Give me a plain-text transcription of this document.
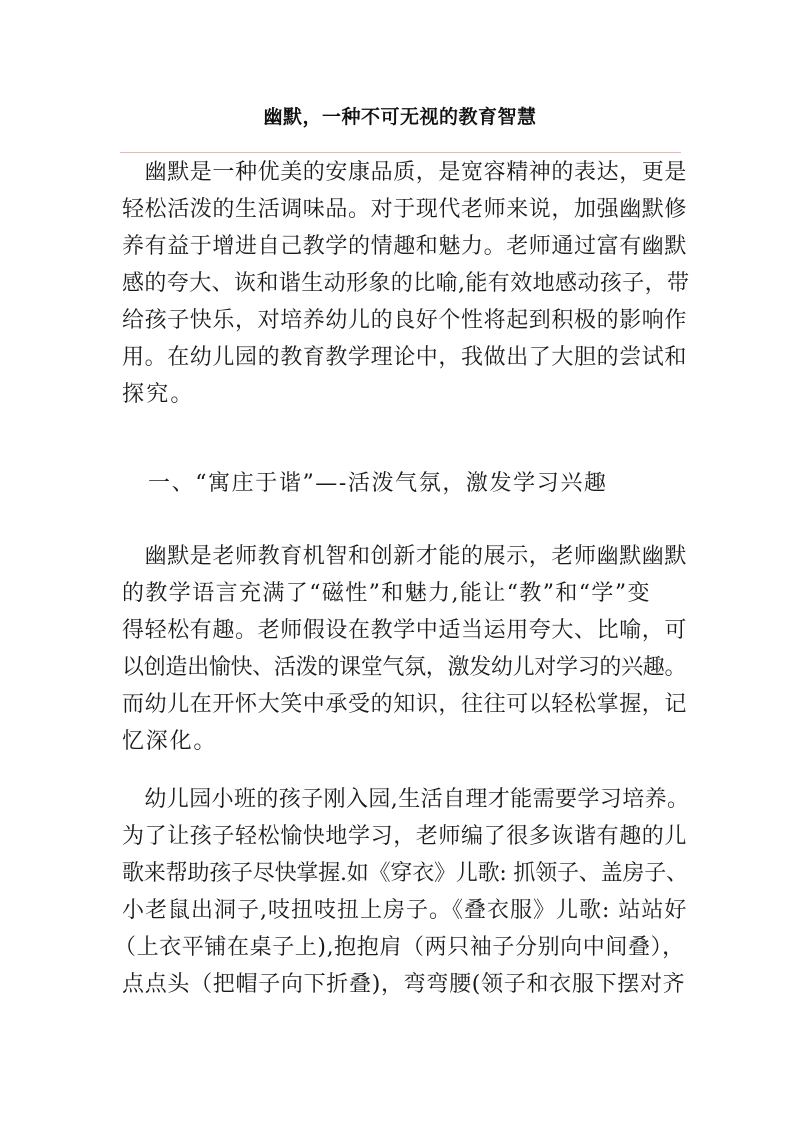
幽默，一种不可无视的教育智慧
　幽默是一种优美的安康品质，是宽容精神的表达，更是
轻松活泼的生活调味品。对于现代老师来说，加强幽默修
养有益于增进自己教学的情趣和魅力。老师通过富有幽默
感的夸大、诙和谐生动形象的比喻,能有效地感动孩子，带
给孩子快乐，对培养幼儿的良好个性将起到积极的影响作
用。在幼儿园的教育教学理论中，我做出了大胆的尝试和
探究。
一、“寓庄于谐”—-活泼气氛，激发学习兴趣
　幽默是老师教育机智和创新才能的展示，老师幽默幽默
的教学语言充满了“磁性”和魅力,能让“教”和“学”变
得轻松有趣。老师假设在教学中适当运用夸大、比喻，可
以创造出愉快、活泼的课堂气氛，激发幼儿对学习的兴趣。
而幼儿在开怀大笑中承受的知识，往往可以轻松掌握，记
忆深化。
　幼儿园小班的孩子刚入园,生活自理才能需要学习培养。
为了让孩子轻松愉快地学习，老师编了很多诙谐有趣的儿
歌来帮助孩子尽快掌握.如《穿衣》儿歌: 抓领子、盖房子、
小老鼠出洞子,吱扭吱扭上房子。《叠衣服》儿歌: 站站好
（上衣平铺在桌子上),抱抱肩（两只袖子分别向中间叠），
点点头（把帽子向下折叠)，弯弯腰(领子和衣服下摆对齐
